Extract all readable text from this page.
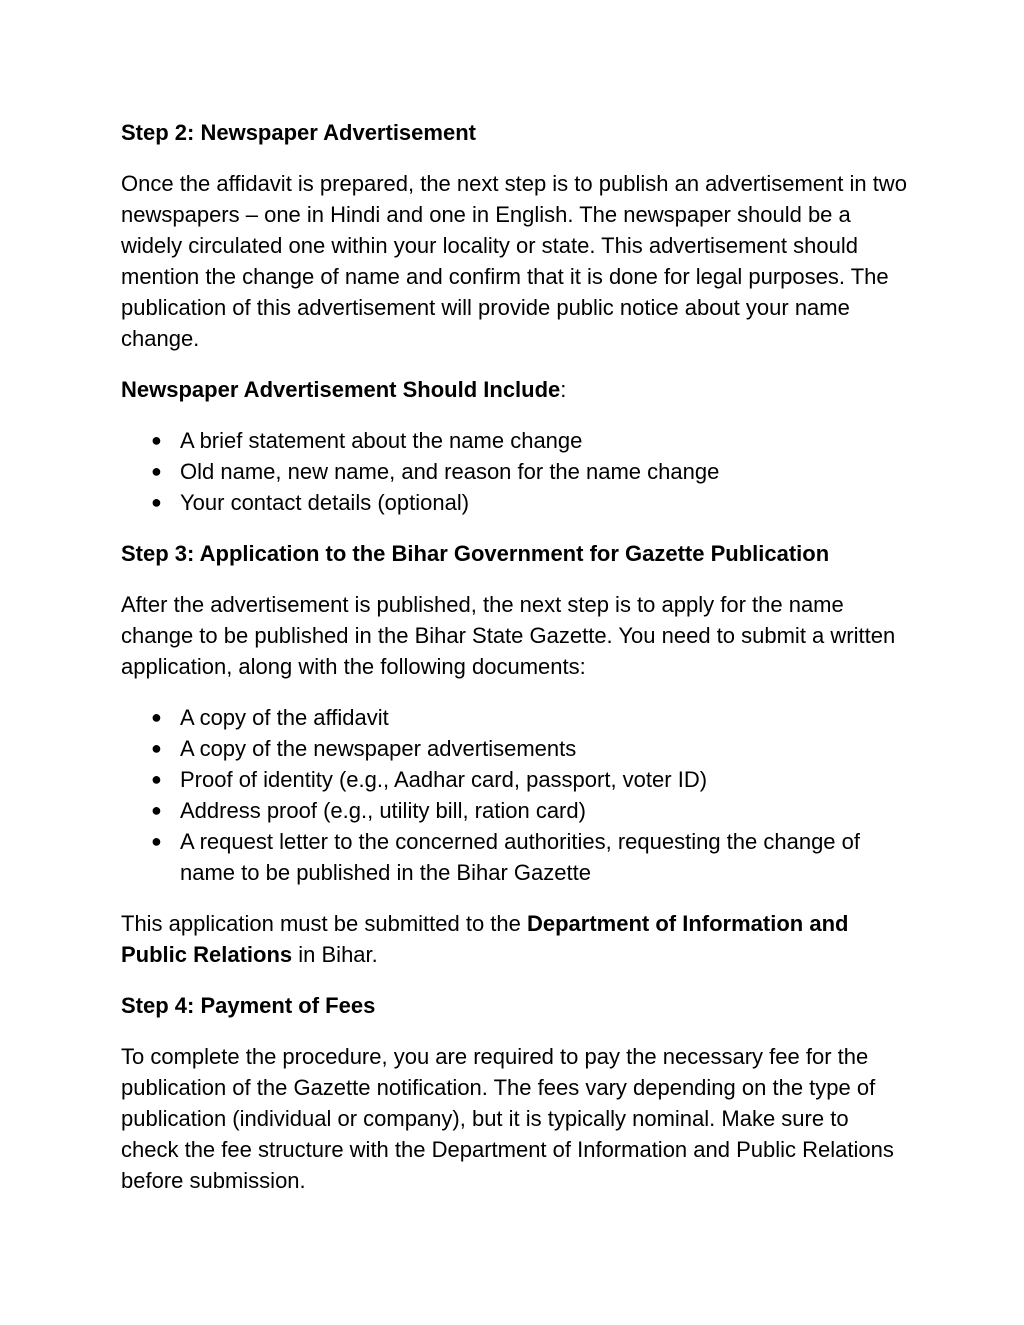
Step 2: Newspaper Advertisement

Once the affidavit is prepared, the next step is to publish an advertisement in two newspapers – one in Hindi and one in English. The newspaper should be a widely circulated one within your locality or state. This advertisement should mention the change of name and confirm that it is done for legal purposes. The publication of this advertisement will provide public notice about your name change.

Newspaper Advertisement Should Include:

● A brief statement about the name change
● Old name, new name, and reason for the name change
● Your contact details (optional)
Step 3: Application to the Bihar Government for Gazette Publication

After the advertisement is published, the next step is to apply for the name change to be published in the Bihar State Gazette. You need to submit a written application, along with the following documents:

● A copy of the affidavit
● A copy of the newspaper advertisements
● Proof of identity (e.g., Aadhar card, passport, voter ID)
● Address proof (e.g., utility bill, ration card)
● A request letter to the concerned authorities, requesting the change of name to be published in the Bihar Gazette

This application must be submitted to the Department of Information and Public Relations in Bihar.

Step 4: Payment of Fees

To complete the procedure, you are required to pay the necessary fee for the publication of the Gazette notification. The fees vary depending on the type of publication (individual or company), but it is typically nominal. Make sure to check the fee structure with the Department of Information and Public Relations before submission.
